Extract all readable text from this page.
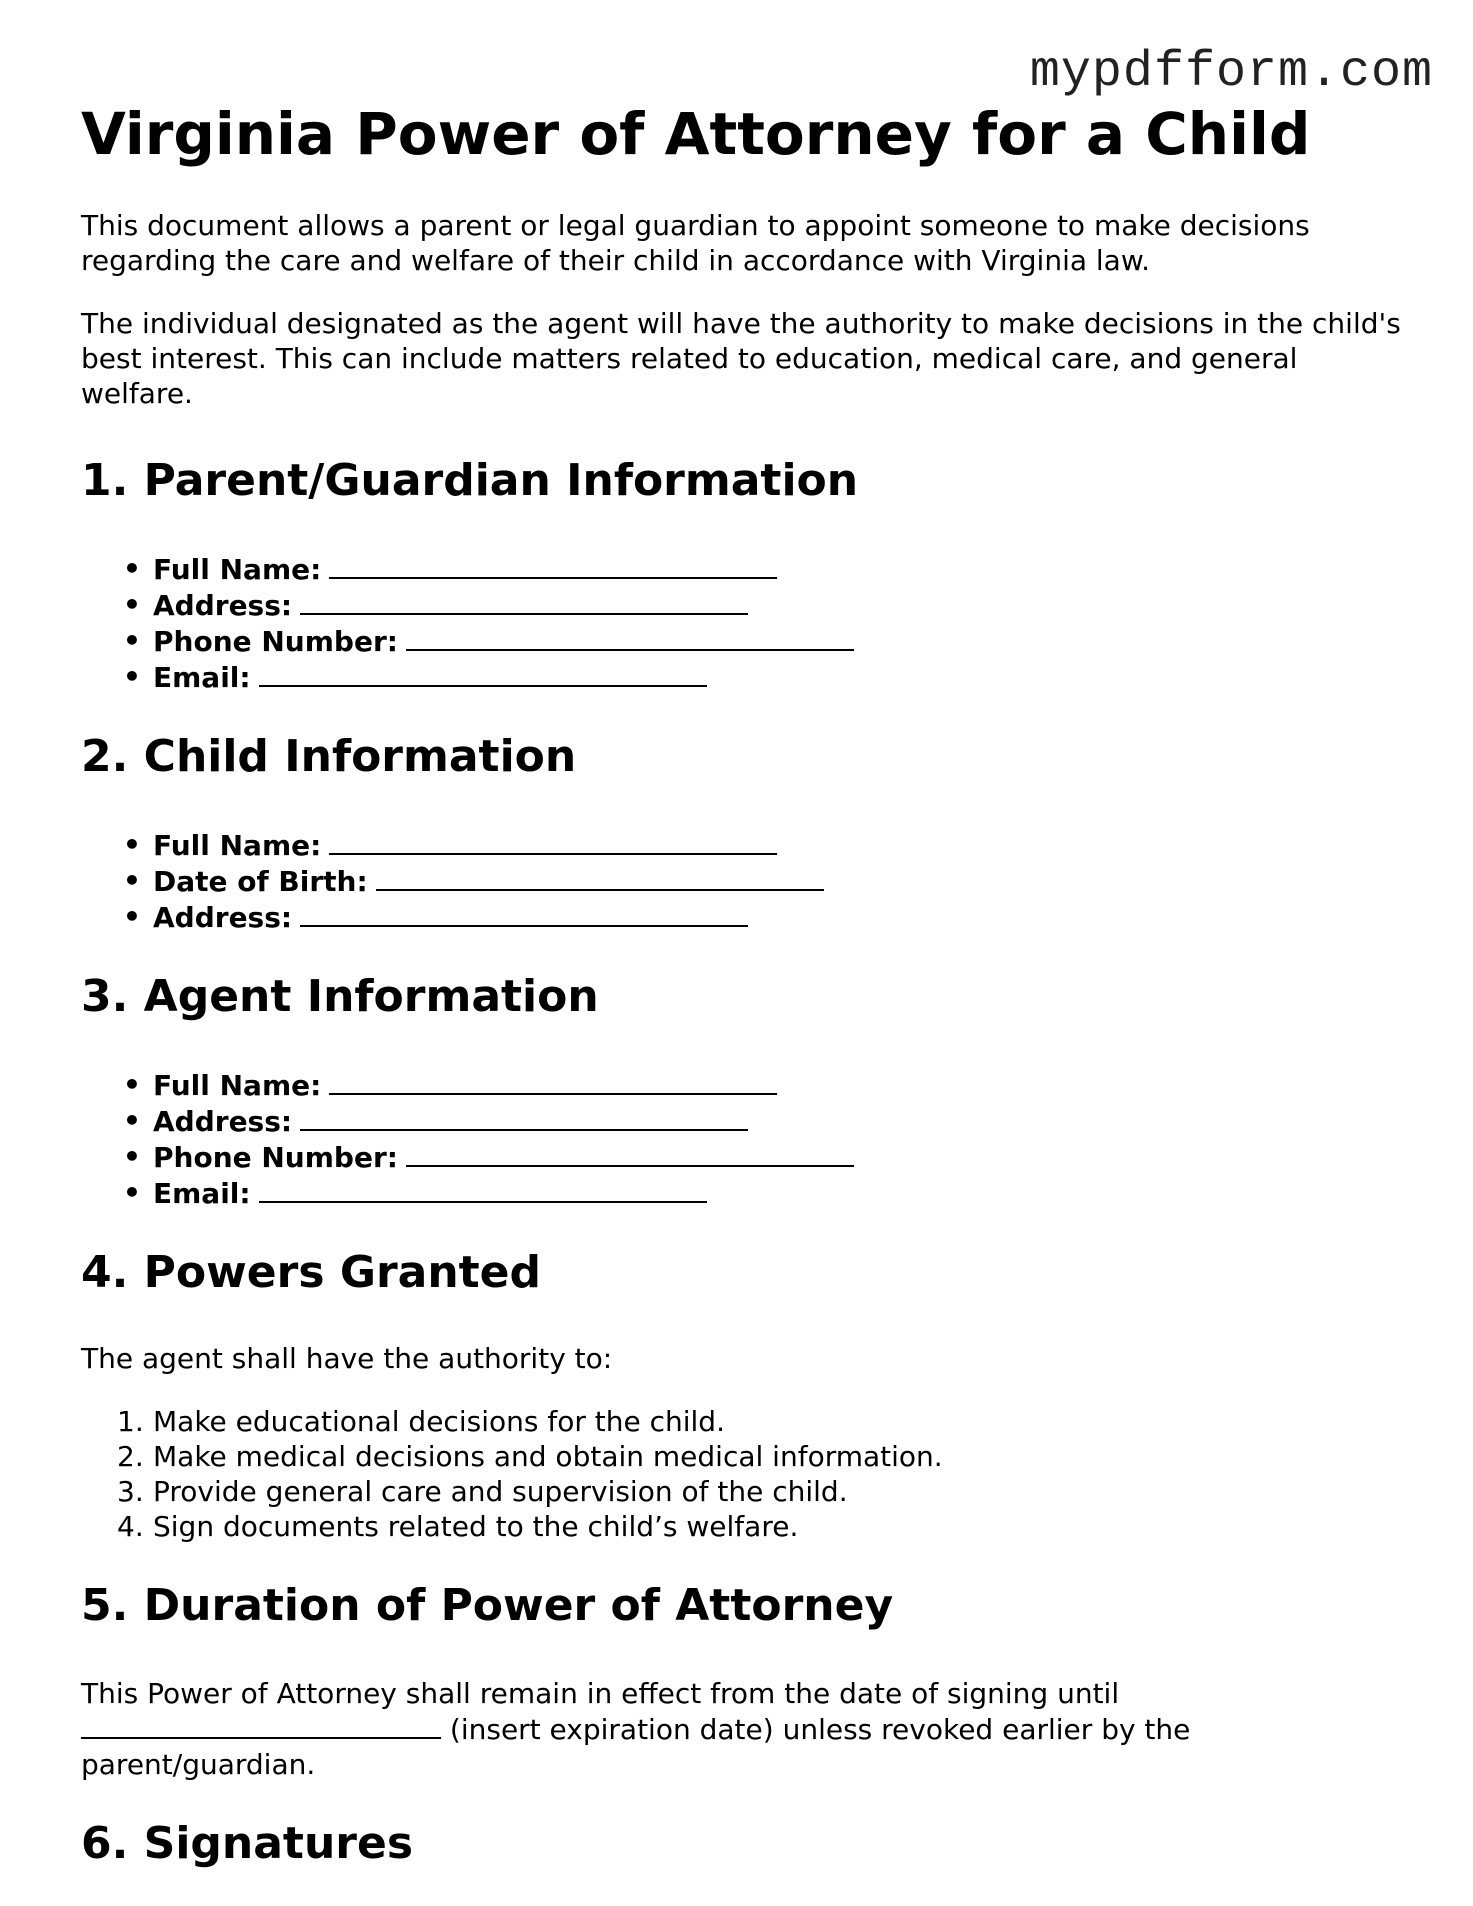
mypdfform.com
Virginia Power of Attorney for a Child

This document allows a parent or legal guardian to appoint someone to make decisions regarding the care and welfare of their child in accordance with Virginia law.

The individual designated as the agent will have the authority to make decisions in the child's best interest. This can include matters related to education, medical care, and general welfare.

1. Parent/Guardian Information
• Full Name:
• Address:
• Phone Number:
• Email:
2. Child Information
• Full Name:
• Date of Birth:
• Address:
3. Agent Information
• Full Name:
• Address:
• Phone Number:
• Email:
4. Powers Granted

The agent shall have the authority to:

1. Make educational decisions for the child.
2. Make medical decisions and obtain medical information.
3. Provide general care and supervision of the child.
4. Sign documents related to the child’s welfare.
5. Duration of Power of Attorney

This Power of Attorney shall remain in effect from the date of signing until
(insert expiration date) unless revoked earlier by the parent/guardian.

6. Signatures
